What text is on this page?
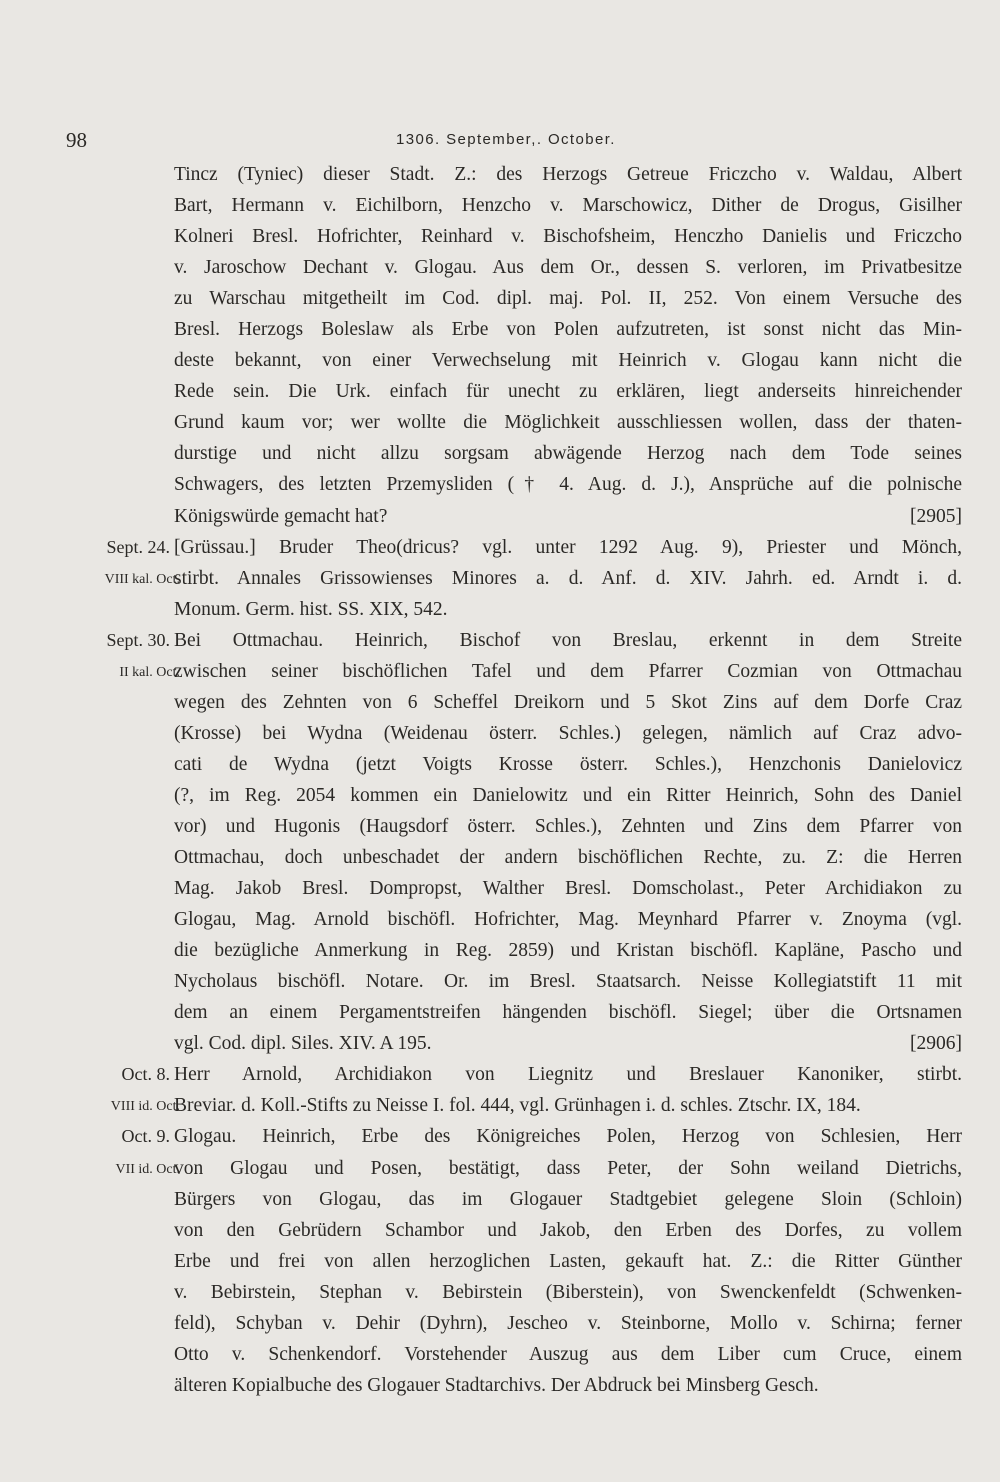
98	1306. September,. October.
Tincz (Tyniec) dieser Stadt. Z.: des Herzogs Getreue Friczcho v. Waldau, Albert
Bart, Hermann v. Eichilborn, Henzcho v. Marschowicz, Dither de Drogus, Gisilher
Kolneri Bresl. Hofrichter, Reinhard v. Bischofsheim, Henczho Danielis und Friczcho
v. Jaroschow Dechant v. Glogau. Aus dem Or., dessen S. verloren, im Privatbesitze
zu Warschau mitgetheilt im Cod. dipl. maj. Pol. II, 252. Von einem Versuche des
Bresl. Herzogs Boleslaw als Erbe von Polen aufzutreten, ist sonst nicht das Min-
deste bekannt, von einer Verwechselung mit Heinrich v. Glogau kann nicht die
Rede sein. Die Urk. einfach für unecht zu erklären, liegt anderseits hinreichender
Grund kaum vor; wer wollte die Möglichkeit ausschliessen wollen, dass der thaten-
durstige und nicht allzu sorgsam abwägende Herzog nach dem Tode seines
Schwagers, des letzten Przemysliden († 4. Aug. d. J.), Ansprüche auf die polnische
Königswürde gemacht hat?	[2905]
Sept. 24. [Grüssau.] Bruder Theo(dricus? vgl. unter 1292 Aug. 9), Priester und Mönch,
VIII kal. Oct.
stirbt. Annales Grissowienses Minores a. d. Anf. d. XIV. Jahrh. ed. Arndt i. d.
Monum. Germ. hist. SS. XIX, 542.
Sept. 30. Bei Ottmachau. Heinrich, Bischof von Breslau, erkennt in dem Streite
II kal. Oct.
zwischen seiner bischöflichen Tafel und dem Pfarrer Cozmian von Ottmachau
wegen des Zehnten von 6 Scheffel Dreikorn und 5 Skot Zins auf dem Dorfe Craz
(Krosse) bei Wydna (Weidenau österr. Schles.) gelegen, nämlich auf Craz advo-
cati de Wydna (jetzt Voigts Krosse österr. Schles.), Henzchonis Danielovicz
(?, im Reg. 2054 kommen ein Danielowitz und ein Ritter Heinrich, Sohn des Daniel
vor) und Hugonis (Haugsdorf österr. Schles.), Zehnten und Zins dem Pfarrer von
Ottmachau, doch unbeschadet der andern bischöflichen Rechte, zu. Z: die Herren
Mag. Jakob Bresl. Dompropst, Walther Bresl. Domscholast., Peter Archidiakon zu
Glogau, Mag. Arnold bischöfl. Hofrichter, Mag. Meynhard Pfarrer v. Znoyma (vgl.
die bezügliche Anmerkung in Reg. 2859) und Kristan bischöfl. Kapläne, Pascho und
Nycholaus bischöfl. Notare. Or. im Bresl. Staatsarch. Neisse Kollegiatstift 11 mit
dem an einem Pergamentstreifen hängenden bischöfl. Siegel; über die Ortsnamen
vgl. Cod. dipl. Siles. XIV. A 195.	[2906]
Oct. 8. Herr Arnold, Archidiakon von Liegnitz und Breslauer Kanoniker, stirbt.
VIII id. Oct.
Breviar. d. Koll.-Stifts zu Neisse I. fol. 444, vgl. Grünhagen i. d. schles. Ztschr. IX, 184.
Oct. 9. Glogau. Heinrich, Erbe des Königreiches Polen, Herzog von Schlesien, Herr
VII id. Oct.
von Glogau und Posen, bestätigt, dass Peter, der Sohn weiland Dietrichs,
Bürgers von Glogau, das im Glogauer Stadtgebiet gelegene Sloin (Schloin)
von den Gebrüdern Schambor und Jakob, den Erben des Dorfes, zu vollem
Erbe und frei von allen herzoglichen Lasten, gekauft hat. Z.: die Ritter Günther
v. Bebirstein, Stephan v. Bebirstein (Biberstein), von Swenckenfeldt (Schwenken-
feld), Schyban v. Dehir (Dyhrn), Jescheo v. Steinborne, Mollo v. Schirna; ferner
Otto v. Schenkendorf. Vorstehender Auszug aus dem Liber cum Cruce, einem
älteren Kopialbuche des Glogauer Stadtarchivs. Der Abdruck bei Minsberg Gesch.
